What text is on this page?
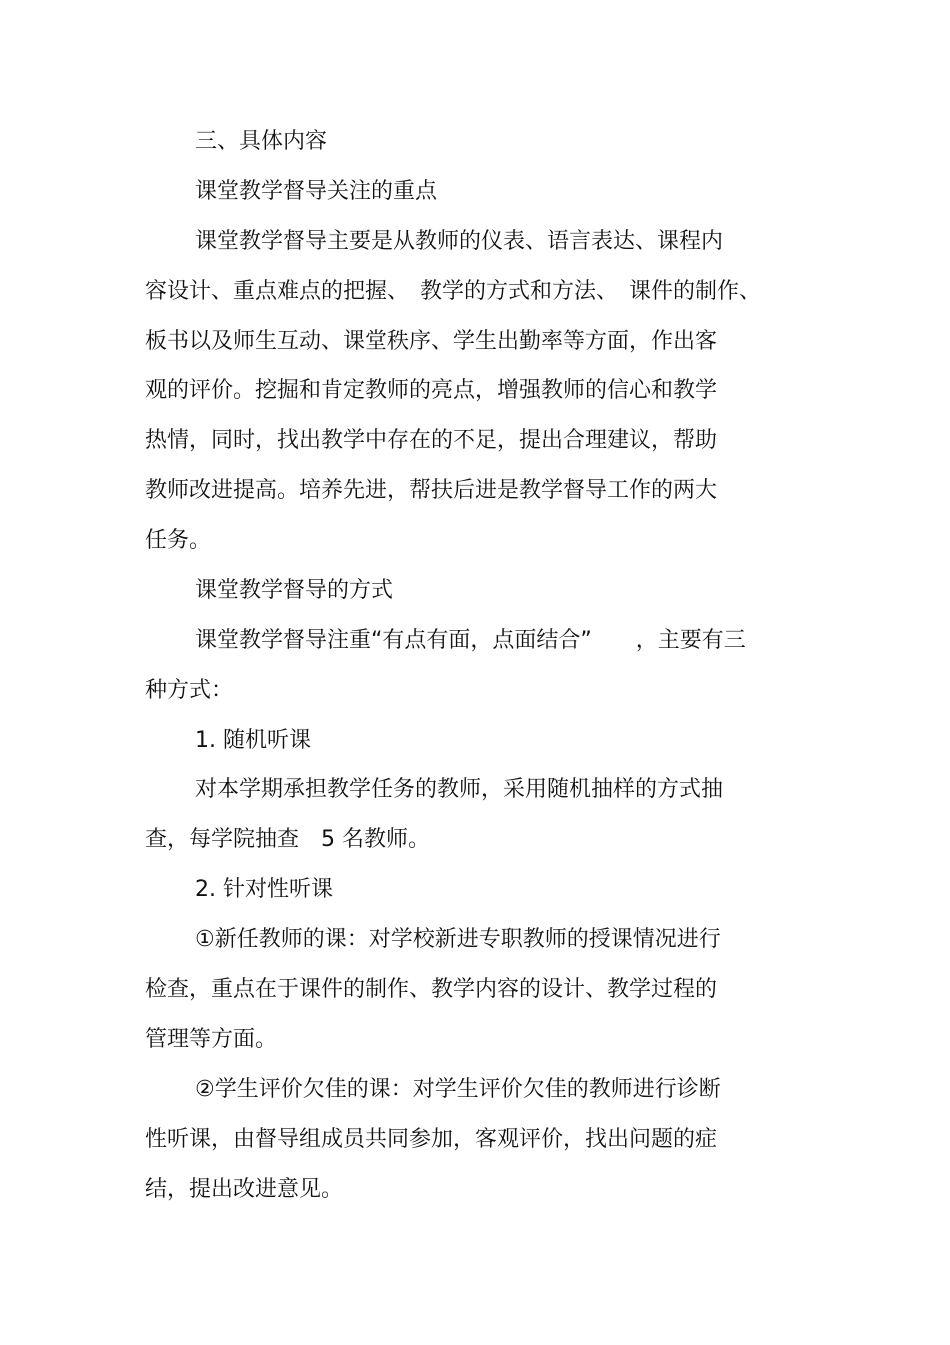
三、具体内容
课堂教学督导关注的重点
课堂教学督导主要是从教师的仪表、语言表达、课程内
容设计、重点难点的把握、　教学的方式和方法、　课件的制作、
板书以及师生互动、课堂秩序、学生出勤率等方面，作出客
观的评价。挖掘和肯定教师的亮点，增强教师的信心和教学
热情，同时，找出教学中存在的不足，提出合理建议，帮助
教师改进提高。培养先进，帮扶后进是教学督导工作的两大
任务。
课堂教学督导的方式
课堂教学督导注重“有点有面，点面结合”　　，主要有三
种方式：
1. 随机听课
对本学期承担教学任务的教师，采用随机抽样的方式抽
查，每学院抽查　5 名教师。
2. 针对性听课
①新任教师的课：对学校新进专职教师的授课情况进行
检查，重点在于课件的制作、教学内容的设计、教学过程的
管理等方面。
②学生评价欠佳的课：对学生评价欠佳的教师进行诊断
性听课，由督导组成员共同参加，客观评价，找出问题的症
结，提出改进意见。
